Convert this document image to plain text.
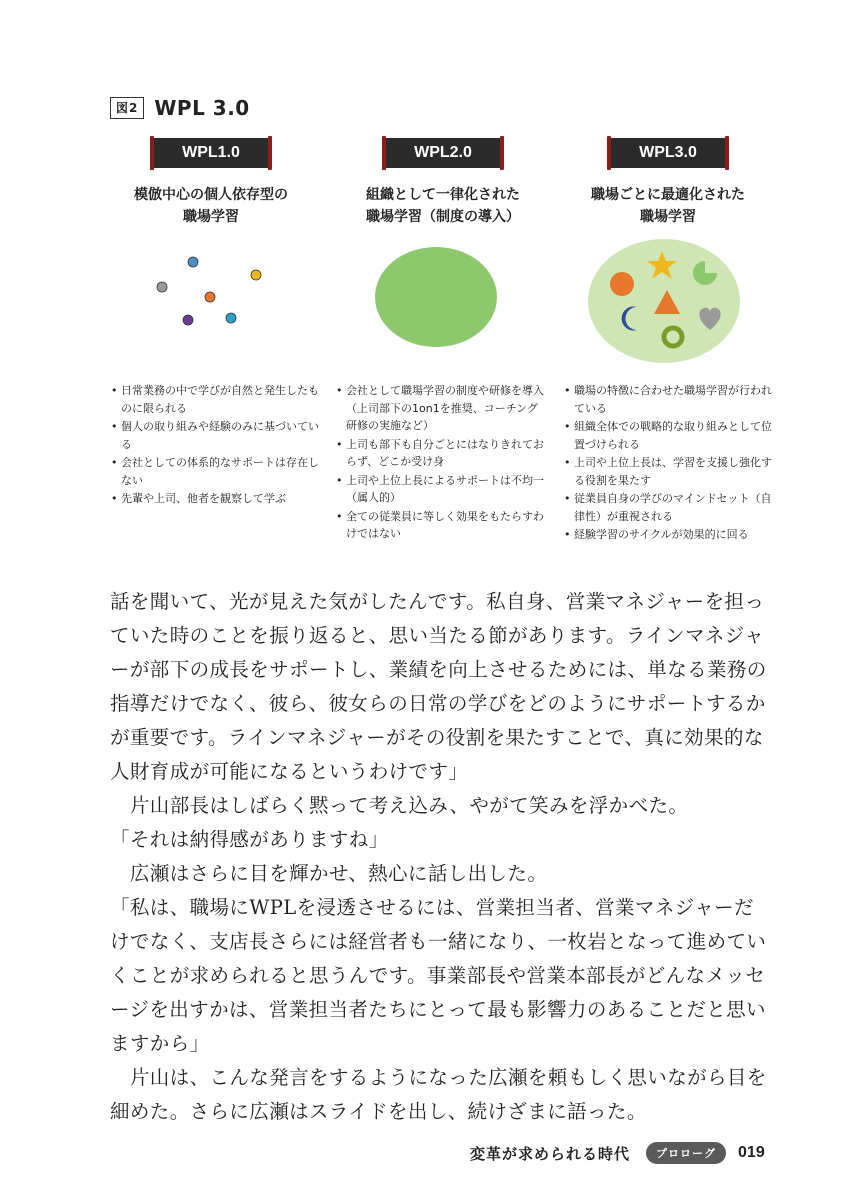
図2 WPL 3.0
WPL1.0
模倣中心の個人依存型の
職場学習
• 日常業務の中で学びが自然と発生したものに限られる
• 個人の取り組みや経験のみに基づいている
• 会社としての体系的なサポートは存在しない
• 先輩や上司、他者を観察して学ぶ
WPL2.0
組織として一律化された
職場学習（制度の導入）
• 会社として職場学習の制度や研修を導入（上司部下の1on1を推奨、コーチング研修の実施など）
• 上司も部下も自分ごとにはなりきれておらず、どこか受け身
• 上司や上位上長によるサポートは不均一（属人的）
• 全ての従業員に等しく効果をもたらすわけではない
WPL3.0
職場ごとに最適化された
職場学習
• 職場の特徴に合わせた職場学習が行われている
• 組織全体での戦略的な取り組みとして位置づけられる
• 上司や上位上長は、学習を支援し強化する役割を果たす
• 従業員自身の学びのマインドセット（自律性）が重視される
• 経験学習のサイクルが効果的に回る

話を聞いて、光が見えた気がしたんです。私自身、営業マネジャーを担っていた時のことを振り返ると、思い当たる節があります。ラインマネジャーが部下の成長をサポートし、業績を向上させるためには、単なる業務の指導だけでなく、彼ら、彼女らの日常の学びをどのようにサポートするかが重要です。ラインマネジャーがその役割を果たすことで、真に効果的な人財育成が可能になるというわけです」

　片山部長はしばらく黙って考え込み、やがて笑みを浮かべた。

「それは納得感がありますね」

　広瀬はさらに目を輝かせ、熱心に話し出した。

「私は、職場にWPLを浸透させるには、営業担当者、営業マネジャーだけでなく、支店長さらには経営者も一緒になり、一枚岩となって進めていくことが求められると思うんです。事業部長や営業本部長がどんなメッセージを出すかは、営業担当者たちにとって最も影響力のあることだと思いますから」

　片山は、こんな発言をするようになった広瀬を頼もしく思いながら目を細めた。さらに広瀬はスライドを出し、続けざまに語った。

変革が求められる時代	プロローグ	019
